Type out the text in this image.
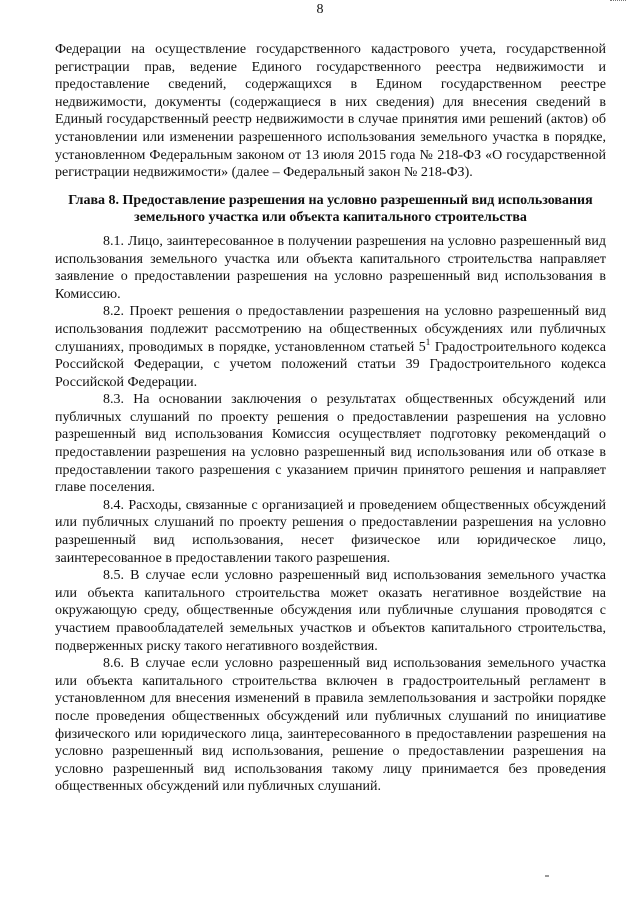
8

Федерации на осуществление государственного кадастрового учета, государственной регистрации прав, ведение Единого государственного реестра недвижимости и предоставление сведений, содержащихся в Едином государственном реестре недвижимости, документы (содержащиеся в них сведения) для внесения сведений в Единый государственный реестр недвижимости в случае принятия ими решений (актов) об установлении или изменении разрешенного использования земельного участка в порядке, установленном Федеральным законом от 13 июля 2015 года № 218-ФЗ «О государственной регистрации недвижимости» (далее – Федеральный закон № 218-ФЗ).

Глава 8. Предоставление разрешения на условно разрешенный вид использования земельного участка или объекта капитального строительства

8.1. Лицо, заинтересованное в получении разрешения на условно разрешенный вид использования земельного участка или объекта капитального строительства направляет заявление о предоставлении разрешения на условно разрешенный вид использования в Комиссию.

8.2. Проект решения о предоставлении разрешения на условно разрешенный вид использования подлежит рассмотрению на общественных обсуждениях или публичных слушаниях, проводимых в порядке, установленном статьей $5^1$ Градостроительного кодекса Российской Федерации, с учетом положений статьи 39 Градостроительного кодекса Российской Федерации.

8.3. На основании заключения о результатах общественных обсуждений или публичных слушаний по проекту решения о предоставлении разрешения на условно разрешенный вид использования Комиссия осуществляет подготовку рекомендаций о предоставлении разрешения на условно разрешенный вид использования или об отказе в предоставлении такого разрешения с указанием причин принятого решения и направляет главе поселения.

8.4. Расходы, связанные с организацией и проведением общественных обсуждений или публичных слушаний по проекту решения о предоставлении разрешения на условно разрешенный вид использования, несет физическое или юридическое лицо, заинтересованное в предоставлении такого разрешения.

8.5. В случае если условно разрешенный вид использования земельного участка или объекта капитального строительства может оказать негативное воздействие на окружающую среду, общественные обсуждения или публичные слушания проводятся с участием правообладателей земельных участков и объектов капитального строительства, подверженных риску такого негативного воздействия.

8.6. В случае если условно разрешенный вид использования земельного участка или объекта капитального строительства включен в градостроительный регламент в установленном для внесения изменений в правила землепользования и застройки порядке после проведения общественных обсуждений или публичных слушаний по инициативе физического или юридического лица, заинтересованного в предоставлении разрешения на условно разрешенный вид использования, решение о предоставлении разрешения на условно разрешенный вид использования такому лицу принимается без проведения общественных обсуждений или публичных слушаний.
